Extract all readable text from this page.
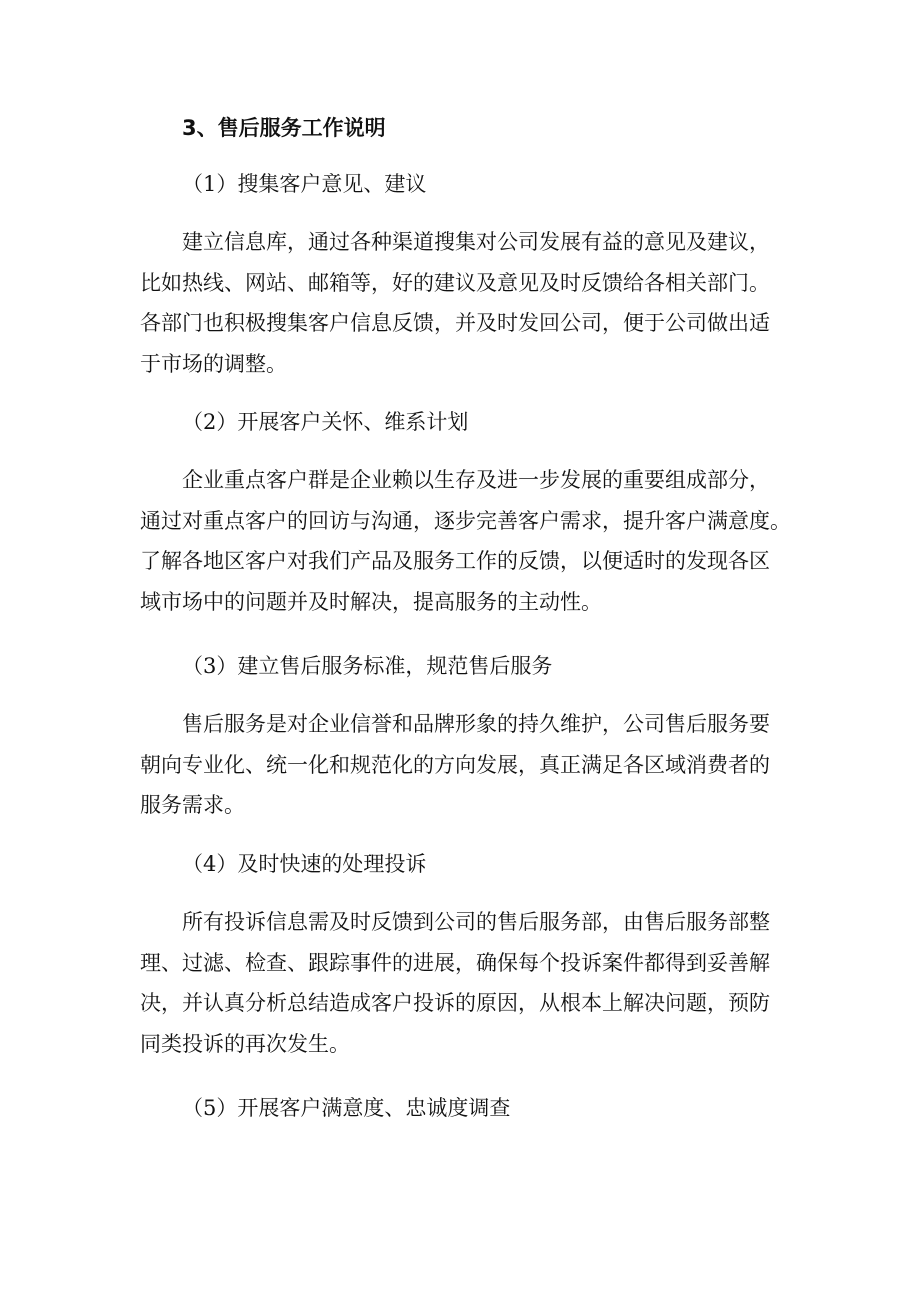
3、售后服务工作说明
（1）搜集客户意见、建议
建立信息库，通过各种渠道搜集对公司发展有益的意见及建议，
比如热线、网站、邮箱等，好的建议及意见及时反馈给各相关部门。
各部门也积极搜集客户信息反馈，并及时发回公司，便于公司做出适
于市场的调整。
（2）开展客户关怀、维系计划
企业重点客户群是企业赖以生存及进一步发展的重要组成部分，
通过对重点客户的回访与沟通，逐步完善客户需求，提升客户满意度。
了解各地区客户对我们产品及服务工作的反馈，以便适时的发现各区
域市场中的问题并及时解决，提高服务的主动性。
（3）建立售后服务标准，规范售后服务
售后服务是对企业信誉和品牌形象的持久维护，公司售后服务要
朝向专业化、统一化和规范化的方向发展，真正满足各区域消费者的
服务需求。
（4）及时快速的处理投诉
所有投诉信息需及时反馈到公司的售后服务部，由售后服务部整
理、过滤、检查、跟踪事件的进展，确保每个投诉案件都得到妥善解
决，并认真分析总结造成客户投诉的原因，从根本上解决问题，预防
同类投诉的再次发生。
（5）开展客户满意度、忠诚度调查
